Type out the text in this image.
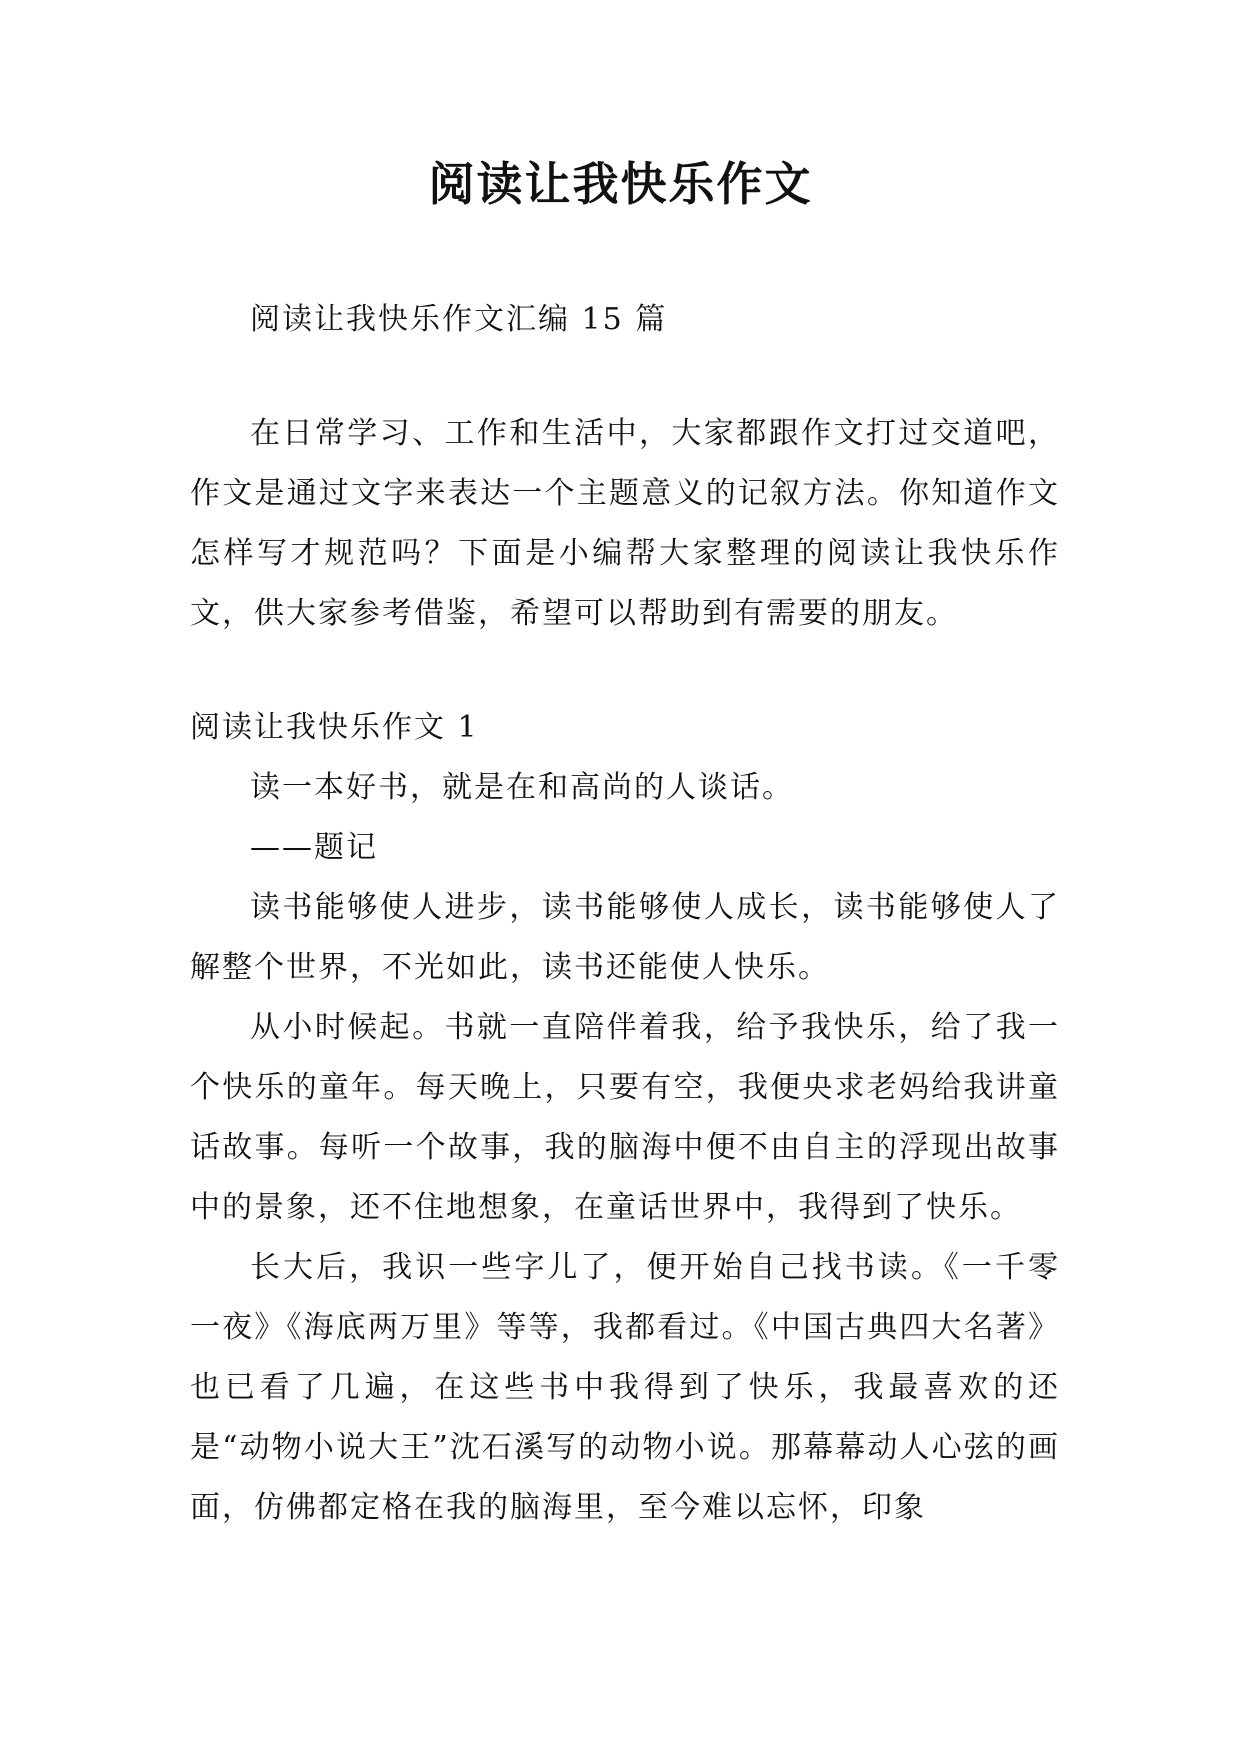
阅读让我快乐作文

阅读让我快乐作文汇编 15 篇

在日常学习、工作和生活中，大家都跟作文打过交道吧，作文是通过文字来表达一个主题意义的记叙方法。你知道作文怎样写才规范吗？下面是小编帮大家整理的阅读让我快乐作文，供大家参考借鉴，希望可以帮助到有需要的朋友。

阅读让我快乐作文 1

读一本好书，就是在和高尚的人谈话。

——题记

读书能够使人进步，读书能够使人成长，读书能够使人了解整个世界，不光如此，读书还能使人快乐。

从小时候起。书就一直陪伴着我，给予我快乐，给了我一个快乐的童年。每天晚上，只要有空，我便央求老妈给我讲童话故事。每听一个故事，我的脑海中便不由自主的浮现出故事中的景象，还不住地想象，在童话世界中，我得到了快乐。

长大后，我识一些字儿了，便开始自己找书读。《一千零一夜》《海底两万里》等等，我都看过。《中国古典四大名著》也已看了几遍，在这些书中我得到了快乐，我最喜欢的还是“动物小说大王”沈石溪写的动物小说。那幕幕动人心弦的画面，仿佛都定格在我的脑海里，至今难以忘怀，印象
